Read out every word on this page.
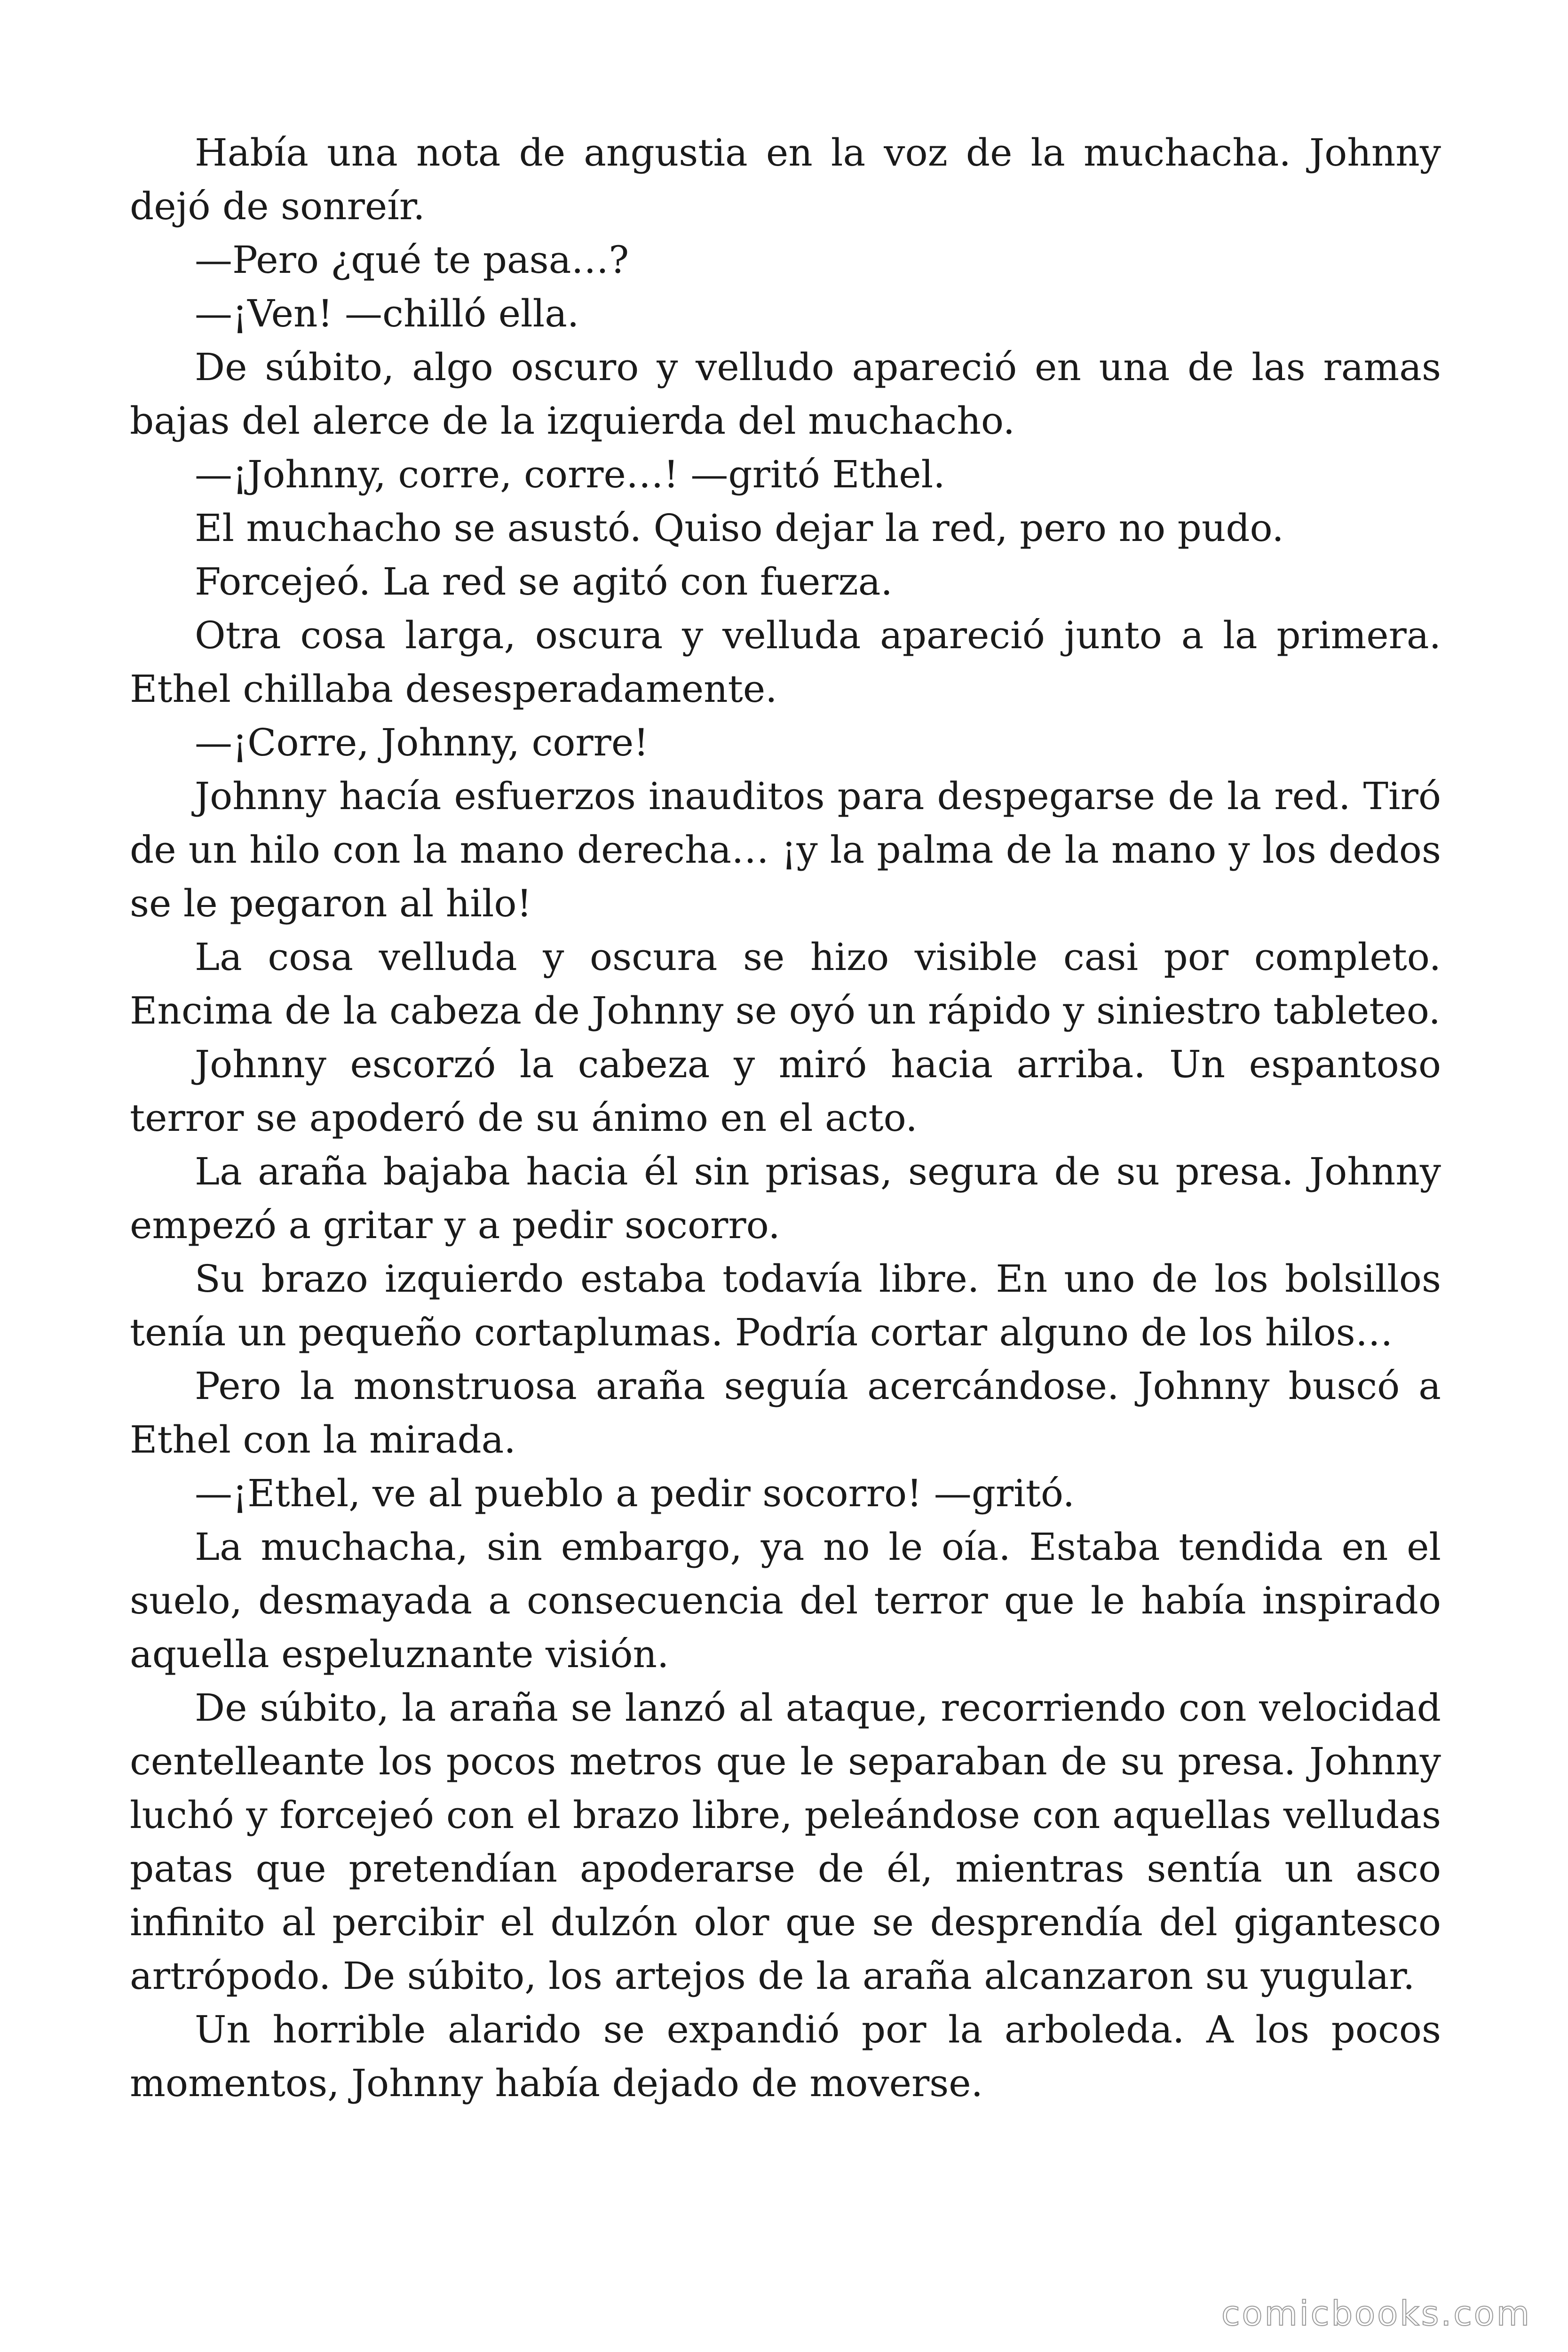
Había una nota de angustia en la voz de la muchacha. Johnny dejó de sonreír.

—Pero ¿qué te pasa…?

—¡Ven! —chilló ella.

De súbito, algo oscuro y velludo apareció en una de las ramas bajas del alerce de la izquierda del muchacho.

—¡Johnny, corre, corre…! —gritó Ethel.

El muchacho se asustó. Quiso dejar la red, pero no pudo.

Forcejeó. La red se agitó con fuerza.

Otra cosa larga, oscura y velluda apareció junto a la primera. Ethel chillaba desesperadamente.

—¡Corre, Johnny, corre!

Johnny hacía esfuerzos inauditos para despegarse de la red. Tiró de un hilo con la mano derecha… ¡y la palma de la mano y los dedos se le pegaron al hilo!

La cosa velluda y oscura se hizo visible casi por completo. Encima de la cabeza de Johnny se oyó un rápido y siniestro tableteo.

Johnny escorzó la cabeza y miró hacia arriba. Un espantoso terror se apoderó de su ánimo en el acto.

La araña bajaba hacia él sin prisas, segura de su presa. Johnny empezó a gritar y a pedir socorro.

Su brazo izquierdo estaba todavía libre. En uno de los bolsillos tenía un pequeño cortaplumas. Podría cortar alguno de los hilos…

Pero la monstruosa araña seguía acercándose. Johnny buscó a Ethel con la mirada.

—¡Ethel, ve al pueblo a pedir socorro! —gritó.

La muchacha, sin embargo, ya no le oía. Estaba tendida en el suelo, desmayada a consecuencia del terror que le había inspirado aquella espeluznante visión.

De súbito, la araña se lanzó al ataque, recorriendo con velocidad centelleante los pocos metros que le separaban de su presa. Johnny luchó y forcejeó con el brazo libre, peleándose con aquellas velludas patas que pretendían apoderarse de él, mientras sentía un asco infinito al percibir el dulzón olor que se desprendía del gigantesco artrópodo. De súbito, los artejos de la araña alcanzaron su yugular.

Un horrible alarido se expandió por la arboleda. A los pocos momentos, Johnny había dejado de moverse.

comicbooks.com
